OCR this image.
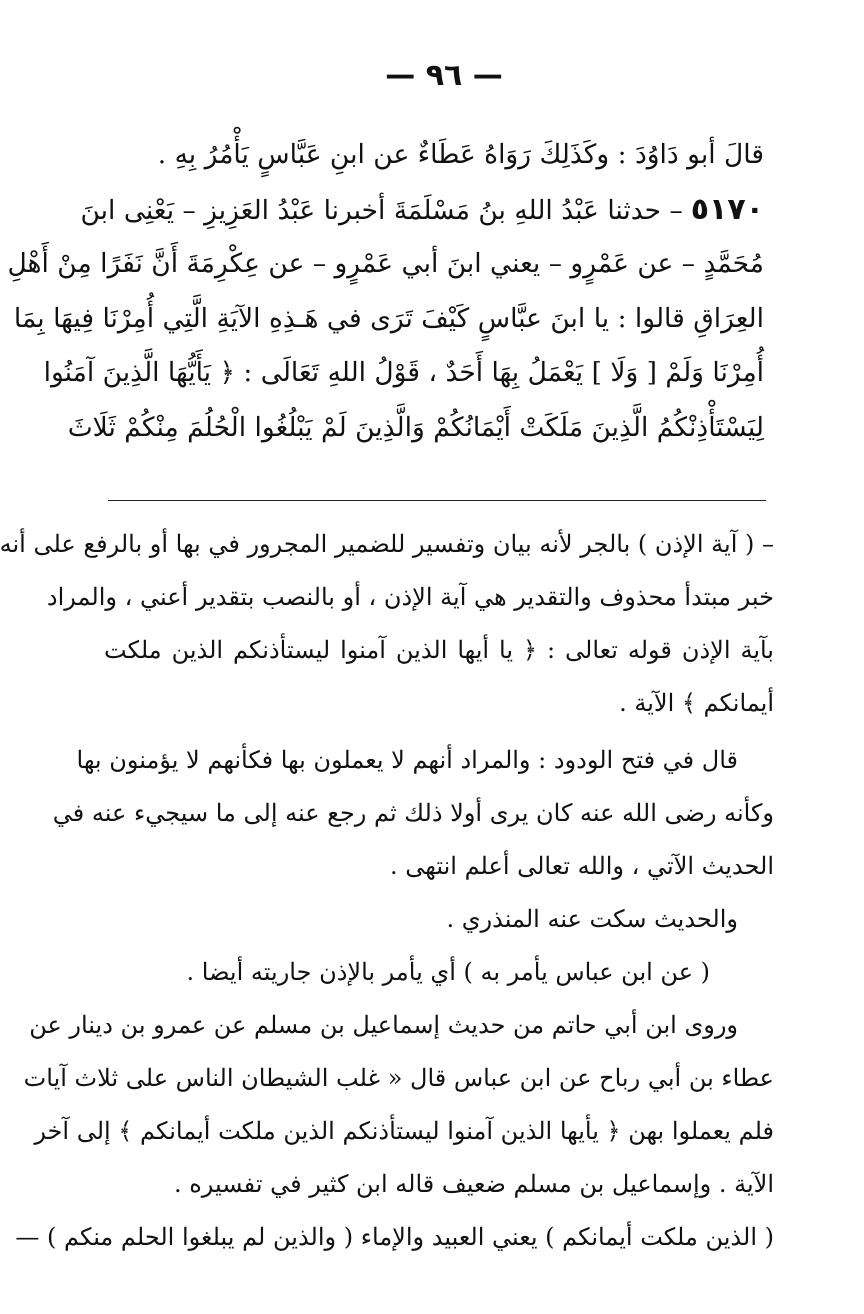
— ٩٦ —

قالَ أبو دَاوُدَ : وكَذَلِكَ رَوَاهُ عَطَاءٌ عن ابنِ عَبَّاسٍ يَأْمُرُ بِهِ .

٥١٧٠– حدثنا عَبْدُ اللهِ بنُ مَسْلَمَةَ أخبرنا عَبْدُ العَزِيزِ – يَعْنِى ابنَ

مُحَمَّدٍ – عن عَمْرٍو – يعني ابنَ أبي عَمْرٍو – عن عِكْرِمَةَ أَنَّ نَفَرًا مِنْ أَهْلِ

العِرَاقِ قالوا : يا ابنَ عبَّاسٍ كَيْفَ تَرَى في هَـذِهِ الآيَةِ الَّتِي أُمِرْنَا فِيهَا بِمَا

أُمِرْنَا وَلَمْ [ وَلَا ] يَعْمَلُ بِهَا أَحَدٌ ، قَوْلُ اللهِ تَعَالَى : ﴿ يَأَيُّهَا الَّذِينَ آمَنُوا

لِيَسْتَأْذِنْكُمُ الَّذِينَ مَلَكَتْ أَيْمَانُكُمْ وَالَّذِينَ لَمْ يَبْلُغُوا الْحُلُمَ مِنْكُمْ ثَلَاثَ

– ( آية الإذن ) بالجر لأنه بيان وتفسير للضمير المجرور في بها أو بالرفع على أنه

خبر مبتدأ محذوف والتقدير هي آية الإذن ، أو بالنصب بتقدير أعني ، والمراد

بآية الإذن قوله تعالى : ﴿ يا أيها الذين آمنوا ليستأذنكم الذين ملكت

أيمانكم ﴾ الآية .

قال في فتح الودود : والمراد أنهم لا يعملون بها فكأنهم لا يؤمنون بها

وكأنه رضى الله عنه كان يرى أولا ذلك ثم رجع عنه إلى ما سيجيء عنه في

الحديث الآتي ، والله تعالى أعلم انتهى .

والحديث سكت عنه المنذري .

( عن ابن عباس يأمر به ) أي يأمر بالإذن جاريته أيضا .

وروى ابن أبي حاتم من حديث إسماعيل بن مسلم عن عمرو بن دينار عن

عطاء بن أبي رباح عن ابن عباس قال « غلب الشيطان الناس على ثلاث آيات

فلم يعملوا بهن ﴿ يأيها الذين آمنوا ليستأذنكم الذين ملكت أيمانكم ﴾ إلى آخر

الآية . وإسماعيل بن مسلم ضعيف قاله ابن كثير في تفسيره .

( الذين ملكت أيمانكم ) يعني العبيد والإماء ( والذين لم يبلغوا الحلم منكم ) —
